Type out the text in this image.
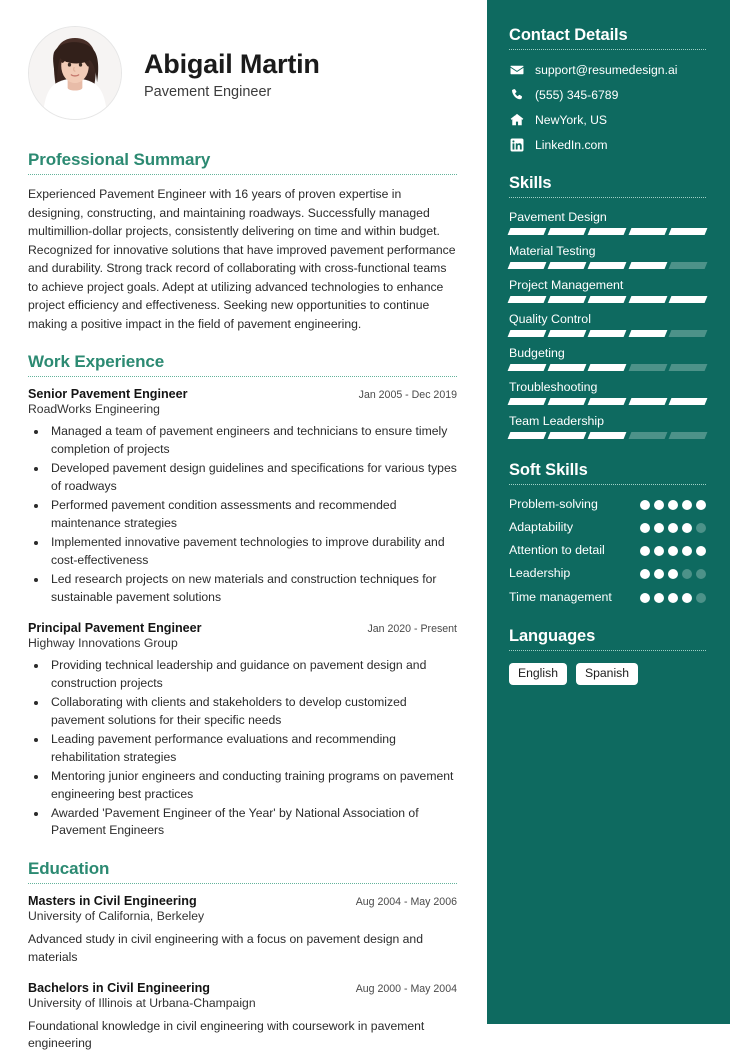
Abigail Martin
Pavement Engineer
Professional Summary
Experienced Pavement Engineer with 16 years of proven expertise in designing, constructing, and maintaining roadways. Successfully managed multimillion-dollar projects, consistently delivering on time and within budget. Recognized for innovative solutions that have improved pavement performance and durability. Strong track record of collaborating with cross-functional teams to achieve project goals. Adept at utilizing advanced technologies to enhance project efficiency and effectiveness. Seeking new opportunities to continue making a positive impact in the field of pavement engineering.
Work Experience
Senior Pavement Engineer	Jan 2005 - Dec 2019
RoadWorks Engineering
• Managed a team of pavement engineers and technicians to ensure timely completion of projects
• Developed pavement design guidelines and specifications for various types of roadways
• Performed pavement condition assessments and recommended maintenance strategies
• Implemented innovative pavement technologies to improve durability and cost-effectiveness
• Led research projects on new materials and construction techniques for sustainable pavement solutions
Principal Pavement Engineer	Jan 2020 - Present
Highway Innovations Group
• Providing technical leadership and guidance on pavement design and construction projects
• Collaborating with clients and stakeholders to develop customized pavement solutions for their specific needs
• Leading pavement performance evaluations and recommending rehabilitation strategies
• Mentoring junior engineers and conducting training programs on pavement engineering best practices
• Awarded 'Pavement Engineer of the Year' by National Association of Pavement Engineers
Education
Masters in Civil Engineering	Aug 2004 - May 2006
University of California, Berkeley
Advanced study in civil engineering with a focus on pavement design and materials
Bachelors in Civil Engineering	Aug 2000 - May 2004
University of Illinois at Urbana-Champaign
Foundational knowledge in civil engineering with coursework in pavement engineering
Contact Details
support@resumedesign.ai
(555) 345-6789
NewYork, US
LinkedIn.com
Skills
Pavement Design
Material Testing
Project Management
Quality Control
Budgeting
Troubleshooting
Team Leadership
Soft Skills
Problem-solving
Adaptability
Attention to detail
Leadership
Time management
Languages
English	Spanish
